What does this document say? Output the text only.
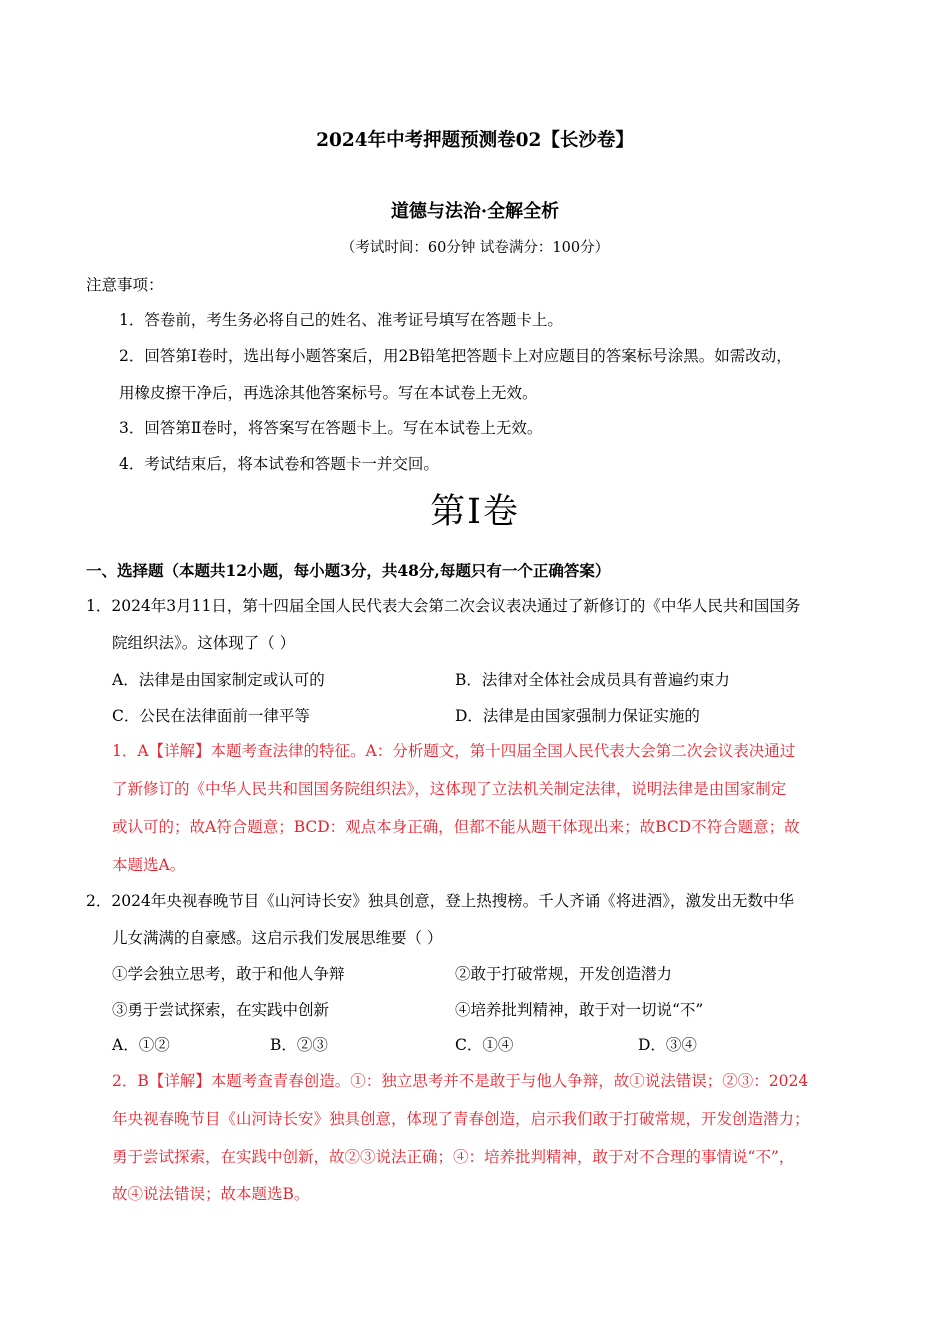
2024年中考押题预测卷02【长沙卷】
道德与法治·全解全析
（考试时间：60分钟 试卷满分：100分）
注意事项：
1．答卷前，考生务必将自己的姓名、准考证号填写在答题卡上。
2．回答第Ⅰ卷时，选出每小题答案后，用2B铅笔把答题卡上对应题目的答案标号涂黑。如需改动，
用橡皮擦干净后，再选涂其他答案标号。写在本试卷上无效。
3．回答第Ⅱ卷时，将答案写在答题卡上。写在本试卷上无效。
4．考试结束后，将本试卷和答题卡一并交回。
第Ⅰ卷
一、选择题（本题共12小题，每小题3分，共48分,每题只有一个正确答案）
1．2024年3月11日，第十四届全国人民代表大会第二次会议表决通过了新修订的《中华人民共和国国务
院组织法》。这体现了（ ）
A．法律是由国家制定或认可的	B．法律对全体社会成员具有普遍约束力
C．公民在法律面前一律平等	D．法律是由国家强制力保证实施的
1．A【详解】本题考查法律的特征。A：分析题文，第十四届全国人民代表大会第二次会议表决通过
了新修订的《中华人民共和国国务院组织法》，这体现了立法机关制定法律，说明法律是由国家制定
或认可的；故A符合题意；BCD：观点本身正确，但都不能从题干体现出来；故BCD不符合题意；故
本题选A。
2．2024年央视春晚节目《山河诗长安》独具创意，登上热搜榜。千人齐诵《将进酒》，激发出无数中华
儿女满满的自豪感。这启示我们发展思维要（ ）
①学会独立思考，敢于和他人争辩	②敢于打破常规，开发创造潜力
③勇于尝试探索，在实践中创新	④培养批判精神，敢于对一切说“不”
A．①②	B．②③	C．①④	D．③④
2．B【详解】本题考查青春创造。①：独立思考并不是敢于与他人争辩，故①说法错误；②③：2024
年央视春晚节目《山河诗长安》独具创意，体现了青春创造，启示我们敢于打破常规，开发创造潜力；
勇于尝试探索，在实践中创新，故②③说法正确；④：培养批判精神，敢于对不合理的事情说“不”，
故④说法错误；故本题选B。
